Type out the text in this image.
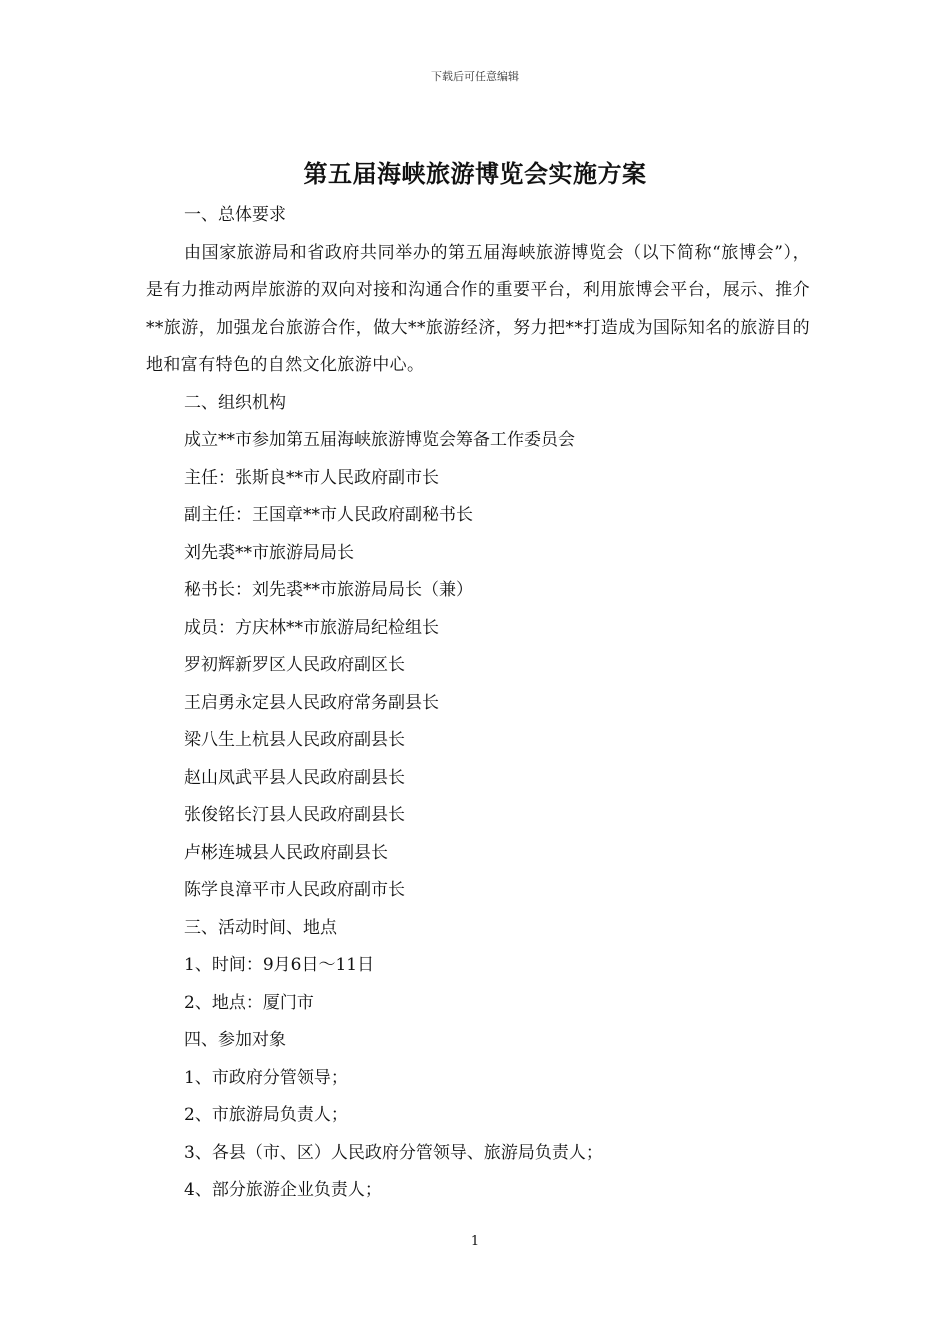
下载后可任意编辑
第五届海峡旅游博览会实施方案
一、总体要求
由国家旅游局和省政府共同举办的第五届海峡旅游博览会（以下简称“旅博会”），是有力推动两岸旅游的双向对接和沟通合作的重要平台，利用旅博会平台，展示、推介**旅游，加强龙台旅游合作，做大**旅游经济，努力把**打造成为国际知名的旅游目的地和富有特色的自然文化旅游中心。
二、组织机构
成立**市参加第五届海峡旅游博览会筹备工作委员会
主任：张斯良**市人民政府副市长
副主任：王国章**市人民政府副秘书长
刘先裘**市旅游局局长
秘书长：刘先裘**市旅游局局长（兼）
成员：方庆林**市旅游局纪检组长
罗初辉新罗区人民政府副区长
王启勇永定县人民政府常务副县长
梁八生上杭县人民政府副县长
赵山凤武平县人民政府副县长
张俊铭长汀县人民政府副县长
卢彬连城县人民政府副县长
陈学良漳平市人民政府副市长
三、活动时间、地点
1、时间：9月6日～11日
2、地点：厦门市
四、参加对象
1、市政府分管领导；
2、市旅游局负责人；
3、各县（市、区）人民政府分管领导、旅游局负责人；
4、部分旅游企业负责人；
1
